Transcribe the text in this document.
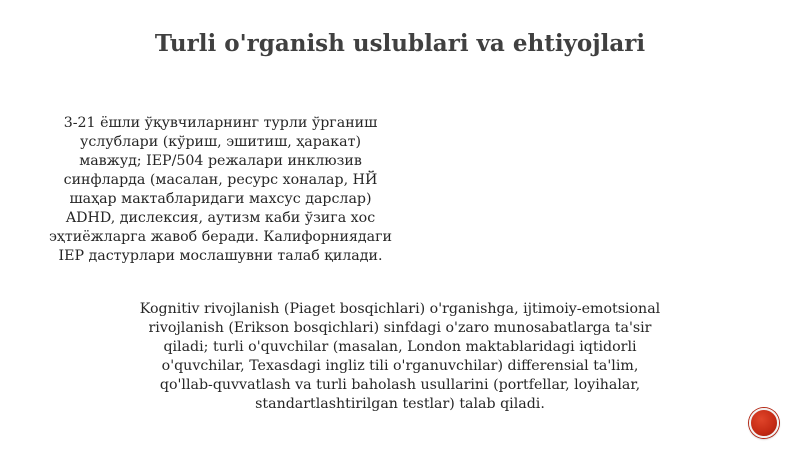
Turli o'rganish uslublari va ehtiyojlari

3-21 ёшли ўқувчиларнинг турли ўрганиш услублари (кўриш, эшитиш, ҳаракат) мавжуд; IEP/504 режалари инклюзив синфларда (масалан, ресурс хоналар, НЙ шаҳар мактабларидаги махсус дарслар) ADHD, дислексия, аутизм каби ўзига хос эҳтиёжларга жавоб беради. Калифорниядаги IEP дастурлари мослашувни талаб қилади.

Kognitiv rivojlanish (Piaget bosqichlari) o'rganishga, ijtimoiy-emotsional rivojlanish (Erikson bosqichlari) sinfdagi o'zaro munosabatlarga ta'sir qiladi; turli o'quvchilar (masalan, London maktablaridagi iqtidorli o'quvchilar, Texasdagi ingliz tili o'rganuvchilar) differensial ta'lim, qo'llab-quvvatlash va turli baholash usullarini (portfellar, loyihalar, standartlashtirilgan testlar) talab qiladi.
